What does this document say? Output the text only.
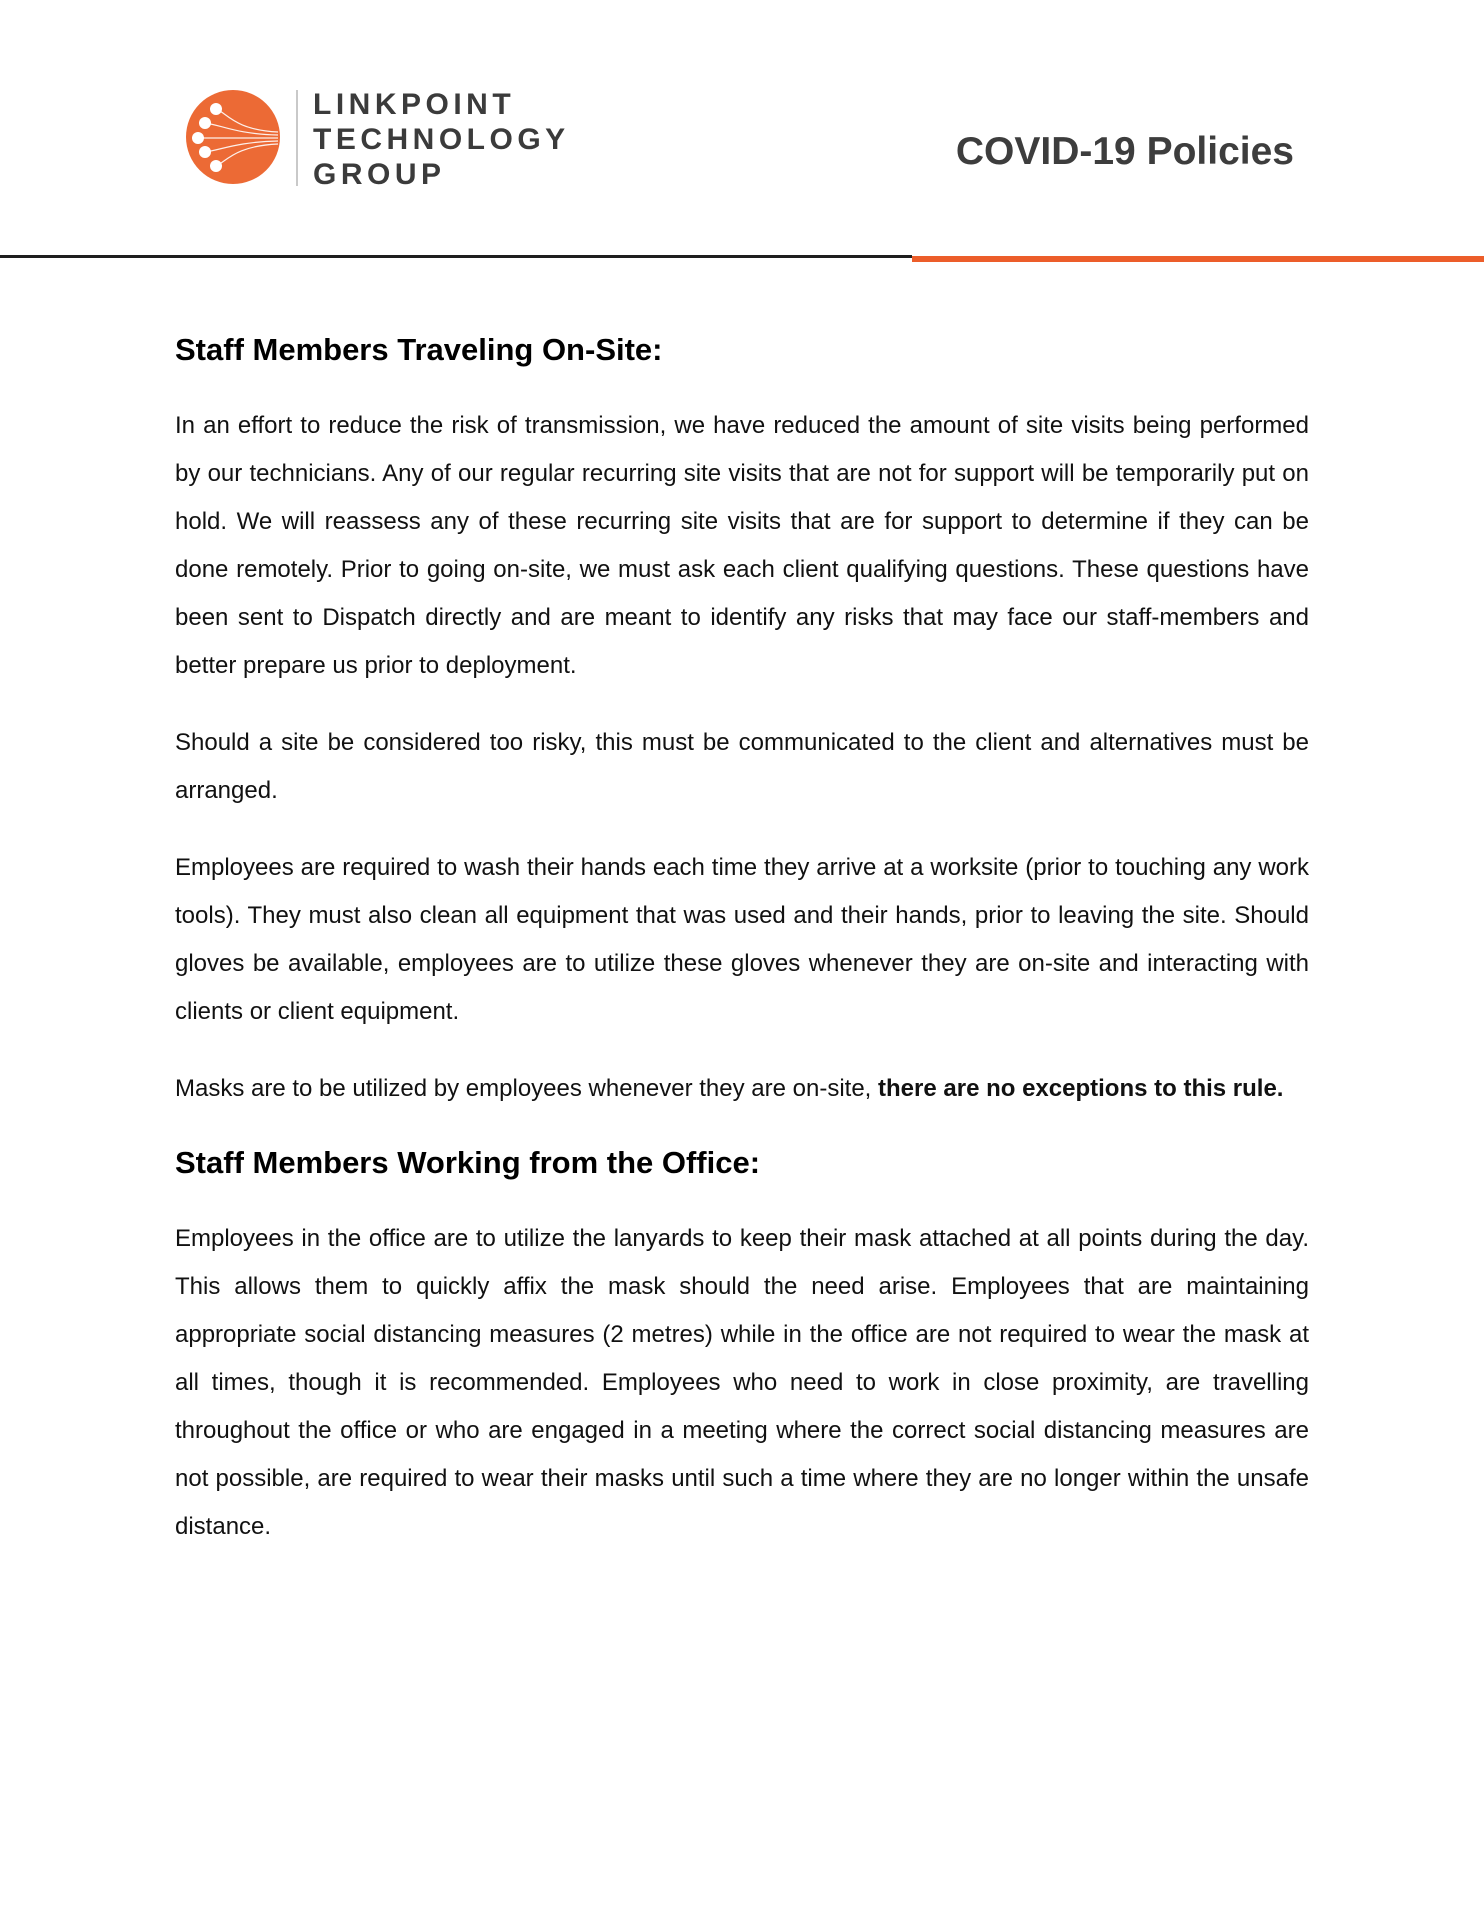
LINKPOINT
TECHNOLOGY
GROUP
COVID-19 Policies
Staff Members Traveling On-Site:

In an effort to reduce the risk of transmission, we have reduced the amount of site visits being performed by our technicians. Any of our regular recurring site visits that are not for support will be temporarily put on hold. We will reassess any of these recurring site visits that are for support to determine if they can be done remotely. Prior to going on-site, we must ask each client qualifying questions. These questions have been sent to Dispatch directly and are meant to identify any risks that may face our staff-members and better prepare us prior to deployment.

Should a site be considered too risky, this must be communicated to the client and alternatives must be arranged.

Employees are required to wash their hands each time they arrive at a worksite (prior to touching any work tools). They must also clean all equipment that was used and their hands, prior to leaving the site. Should gloves be available, employees are to utilize these gloves whenever they are on-site and interacting with clients or client equipment.

Masks are to be utilized by employees whenever they are on-site, there are no exceptions to this rule.

Staff Members Working from the Office:

Employees in the office are to utilize the lanyards to keep their mask attached at all points during the day. This allows them to quickly affix the mask should the need arise. Employees that are maintaining appropriate social distancing measures (2 metres) while in the office are not required to wear the mask at all times, though it is recommended. Employees who need to work in close proximity, are travelling throughout the office or who are engaged in a meeting where the correct social distancing measures are not possible, are required to wear their masks until such a time where they are no longer within the unsafe distance.
